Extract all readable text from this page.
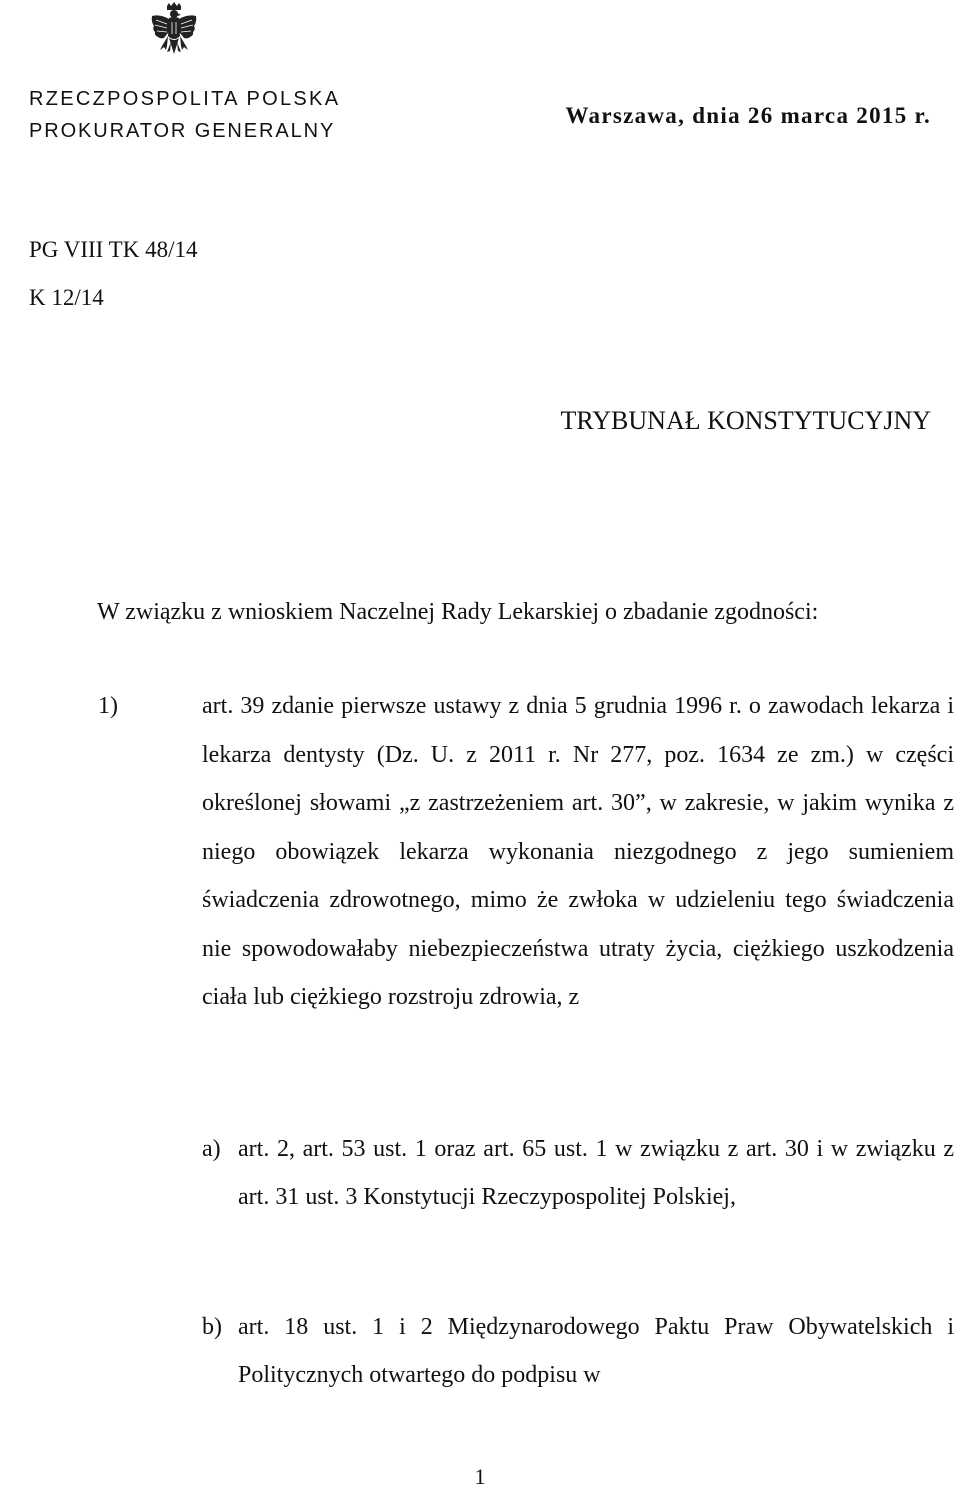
RZECZPOSPOLITA POLSKA
PROKURATOR GENERALNY
Warszawa, dnia 26 marca 2015 r.
PG VIII TK 48/14
K 12/14
TRYBUNAŁ KONSTYTUCYJNY

W związku z wnioskiem Naczelnej Rady Lekarskiej o zbadanie zgodności:

1)	art. 39 zdanie pierwsze ustawy z dnia 5 grudnia 1996 r. o zawodach lekarza i lekarza dentysty (Dz. U. z 2011 r. Nr 277, poz. 1634 ze zm.) w części określonej słowami „z zastrzeżeniem art. 30”, w zakresie, w jakim wynika z niego obowiązek lekarza wykonania niezgodnego z jego sumieniem świadczenia zdrowotnego, mimo że zwłoka w udzieleniu tego świadczenia nie spowodowałaby niebezpieczeństwa utraty życia, ciężkiego uszkodzenia ciała lub ciężkiego rozstroju zdrowia, z

a) art. 2, art. 53 ust. 1 oraz art. 65 ust. 1 w związku z art. 30 i w związku z art. 31 ust. 3 Konstytucji Rzeczypospolitej Polskiej,

b) art. 18 ust. 1 i 2 Międzynarodowego Paktu Praw Obywatelskich i Politycznych otwartego do podpisu w

1
